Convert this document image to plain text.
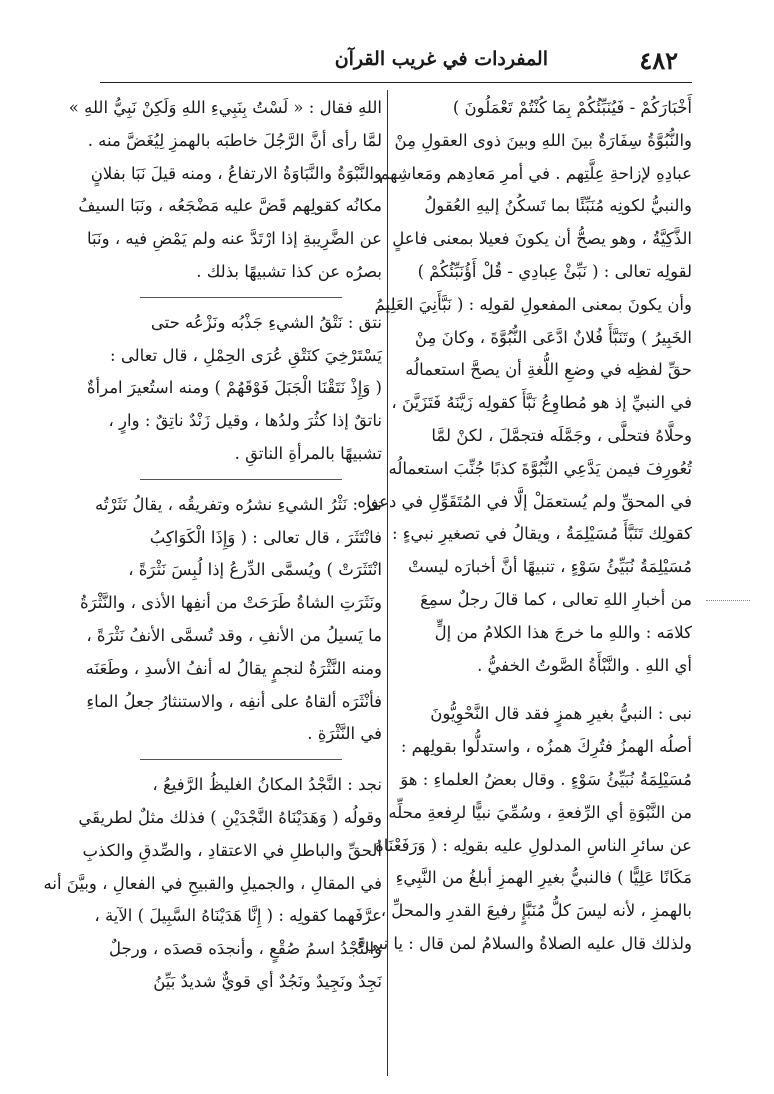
٤٨٢
المفردات في غريب القرآن
أَخْبَارَكُمْ - فَيُنَبِّئُكُمْ بِمَا كُنْتُمْ تَعْمَلُونَ )
والنُّبُوَّةُ سِفَارَةٌ بينَ اللهِ وبينَ ذوى العقولِ مِنْ
عبادِهِ لإزاحةِ عِلَّتِهم . في أمرِ مَعادِهم ومَعاشِهم .
والنبيُّ لكونِه مُنَبِّئًا بما تَسكُنُ إليهِ العُقولُ
الذَّكِيَّةُ ، وهو يصحُّ أن يكونَ فعيلا بمعنى فاعلٍ
لقولِه تعالى : ( نَبِّئْ عِبادِي - قُلْ أَؤُنَبِّئُكُمْ )
وأن يكونَ بمعنى المفعولِ لقولِه : ( نَبَّأَنِيَ العَلِيمُ
الخَبِيرُ ) وتَنَبَّأَ فُلانٌ ادَّعَى النُّبُوَّةَ ، وكانَ مِنْ
حقِّ لفظِه في وضعِ اللُّغةِ أن يصحَّ استعمالُه
في النبيِّ إذ هو مُطاوِعُ نَبَّأَ كقولِه زَيَّنَهُ فَتَزَيَّنَ ،
وحلَّاهُ فتحلَّى ، وجَمَّلَه فتجمَّلَ ، لكنْ لمَّا
تُعُورِفَ فيمن يَدَّعِي النُّبُوَّةَ كذبًا جُنِّبَ استعمالُه
في المحقِّ ولم يُستعمَلْ إلَّا في المُتَقَوِّلِ في دعواه
كقولِك تَنَبَّأَ مُسَيْلِمَةُ ، ويقالُ في تصغيرِ نبيءٍ :
مُسَيْلِمَةُ نُبَيِّئُ سَوْءٍ ، تنبيهًا أنَّ أخبارَه ليستْ
من أخبارِ اللهِ تعالى ، كما قالَ رجلٌ سمِعَ
كلامَه : واللهِ ما خرجَ هذا الكلامُ من إلٍّ
أي اللهِ . والنَّبْأَةُ الصَّوتُ الخفيُّ .
نبى : النبيُّ بغيرِ همزٍ فقد قال النَّحْوِيُّونَ
أصلُه الهمزُ فتُرِكَ همزُه ، واستدلُّوا بقولِهم :
مُسَيْلِمَةُ نُبَيِّئُ سَوْءٍ . وقال بعضُ العلماءِ : هوَ
من النَّبْوَةِ أي الرِّفعةِ ، وسُمِّيَ نبيًّا لرِفعةِ محلِّه
عن سائرِ الناسِ المدلولِ عليه بقولِه : ( وَرَفَعْنَاهُ
مَكَانًا عَلِيًّا ) فالنبيُّ بغيرِ الهمزِ أبلغُ من النَّبِيءِ
بالهمزِ ، لأنه ليسَ كلُّ مُنَبَّإٍ رفيعَ القدرِ والمحلِّ ،
ولذلك قال عليه الصلاةُ والسلامُ لمن قال : يا نبيءَ
اللهِ فقال : « لَسْتُ بِنَبِيءِ اللهِ وَلَكِنْ نَبِيُّ اللهِ »
لمَّا رأى أنَّ الرَّجُلَ خاطبَه بالهمزِ لِيُغَضَّ منه .
والنَّبْوَةُ والنَّبَاوَةُ الارتفاعُ ، ومنه قيلَ نَبَا بفلانٍ
مكانُه كقولِهم قَضَّ عليه مَضْجَعُه ، ونَبَا السيفُ
عن الضَّرِيبةِ إذا ارْتَدَّ عنه ولم يَمْضِ فيه ، ونَبَا
بصرُه عن كذا تشبيهًا بذلك .
نتق : نَتْقُ الشيءِ جَذْبُه ونَزْعُه حتى
يَسْتَرْخِيَ كنَتْقِ عُرَى الحِمْلِ ، قال تعالى :
( وَإِذْ نَتَقْنَا الْجَبَلَ فَوْقَهُمْ ) ومنه استُعيرَ امرأةٌ
ناتقٌ إذا كثُرَ ولدُها ، وقيل زَنْدٌ ناتِقٌ : وارٍ ،
تشبيهًا بالمرأةِ الناتقِ .
نثر : نَثْرُ الشيءِ نشرُه وتفريقُه ، يقالُ نَثَرْتُه
فانْتَثَرَ ، قال تعالى : ( وَإِذَا الْكَوَاكِبُ
انْتَثَرَتْ ) ويُسمَّى الدِّرعُ إذا لُبِسَ نَثْرَةً ،
ونَثَرَتِ الشاةُ طَرَحَتْ من أنفِها الأذى ، والنَّثْرَةُ
ما يَسيلُ من الأنفِ ، وقد تُسمَّى الأنفُ نَثْرَةً ،
ومنه النَّثْرَةُ لنجمٍ يقالُ له أنفُ الأسدِ ، وطَعَنَه
فأنْثَرَه ألقاهُ على أنفِه ، والاستنثارُ جعلُ الماءِ
في النَّثْرَةِ .
نجد : النَّجْدُ المكانُ الغليظُ الرَّفيعُ ،
وقولُه ( وَهَدَيْنَاهُ النَّجْدَيْنِ ) فذلك مثلٌ لطريقَي
الحقِّ والباطلِ في الاعتقادِ ، والصِّدقِ والكذبِ
في المقالِ ، والجميلِ والقبيحِ في الفعالِ ، وبيَّنَ أنه
عرَّفَهما كقولِه : ( إِنَّا هَدَيْنَاهُ السَّبِيلَ ) الآية ،
والنَّجْدُ اسمُ صُقْعٍ ، وأنجدَه قصدَه ، ورجلٌ
نَجِدٌ ونَجِيدٌ ونَجُدٌ أي قويٌّ شديدٌ بَيِّنُ
